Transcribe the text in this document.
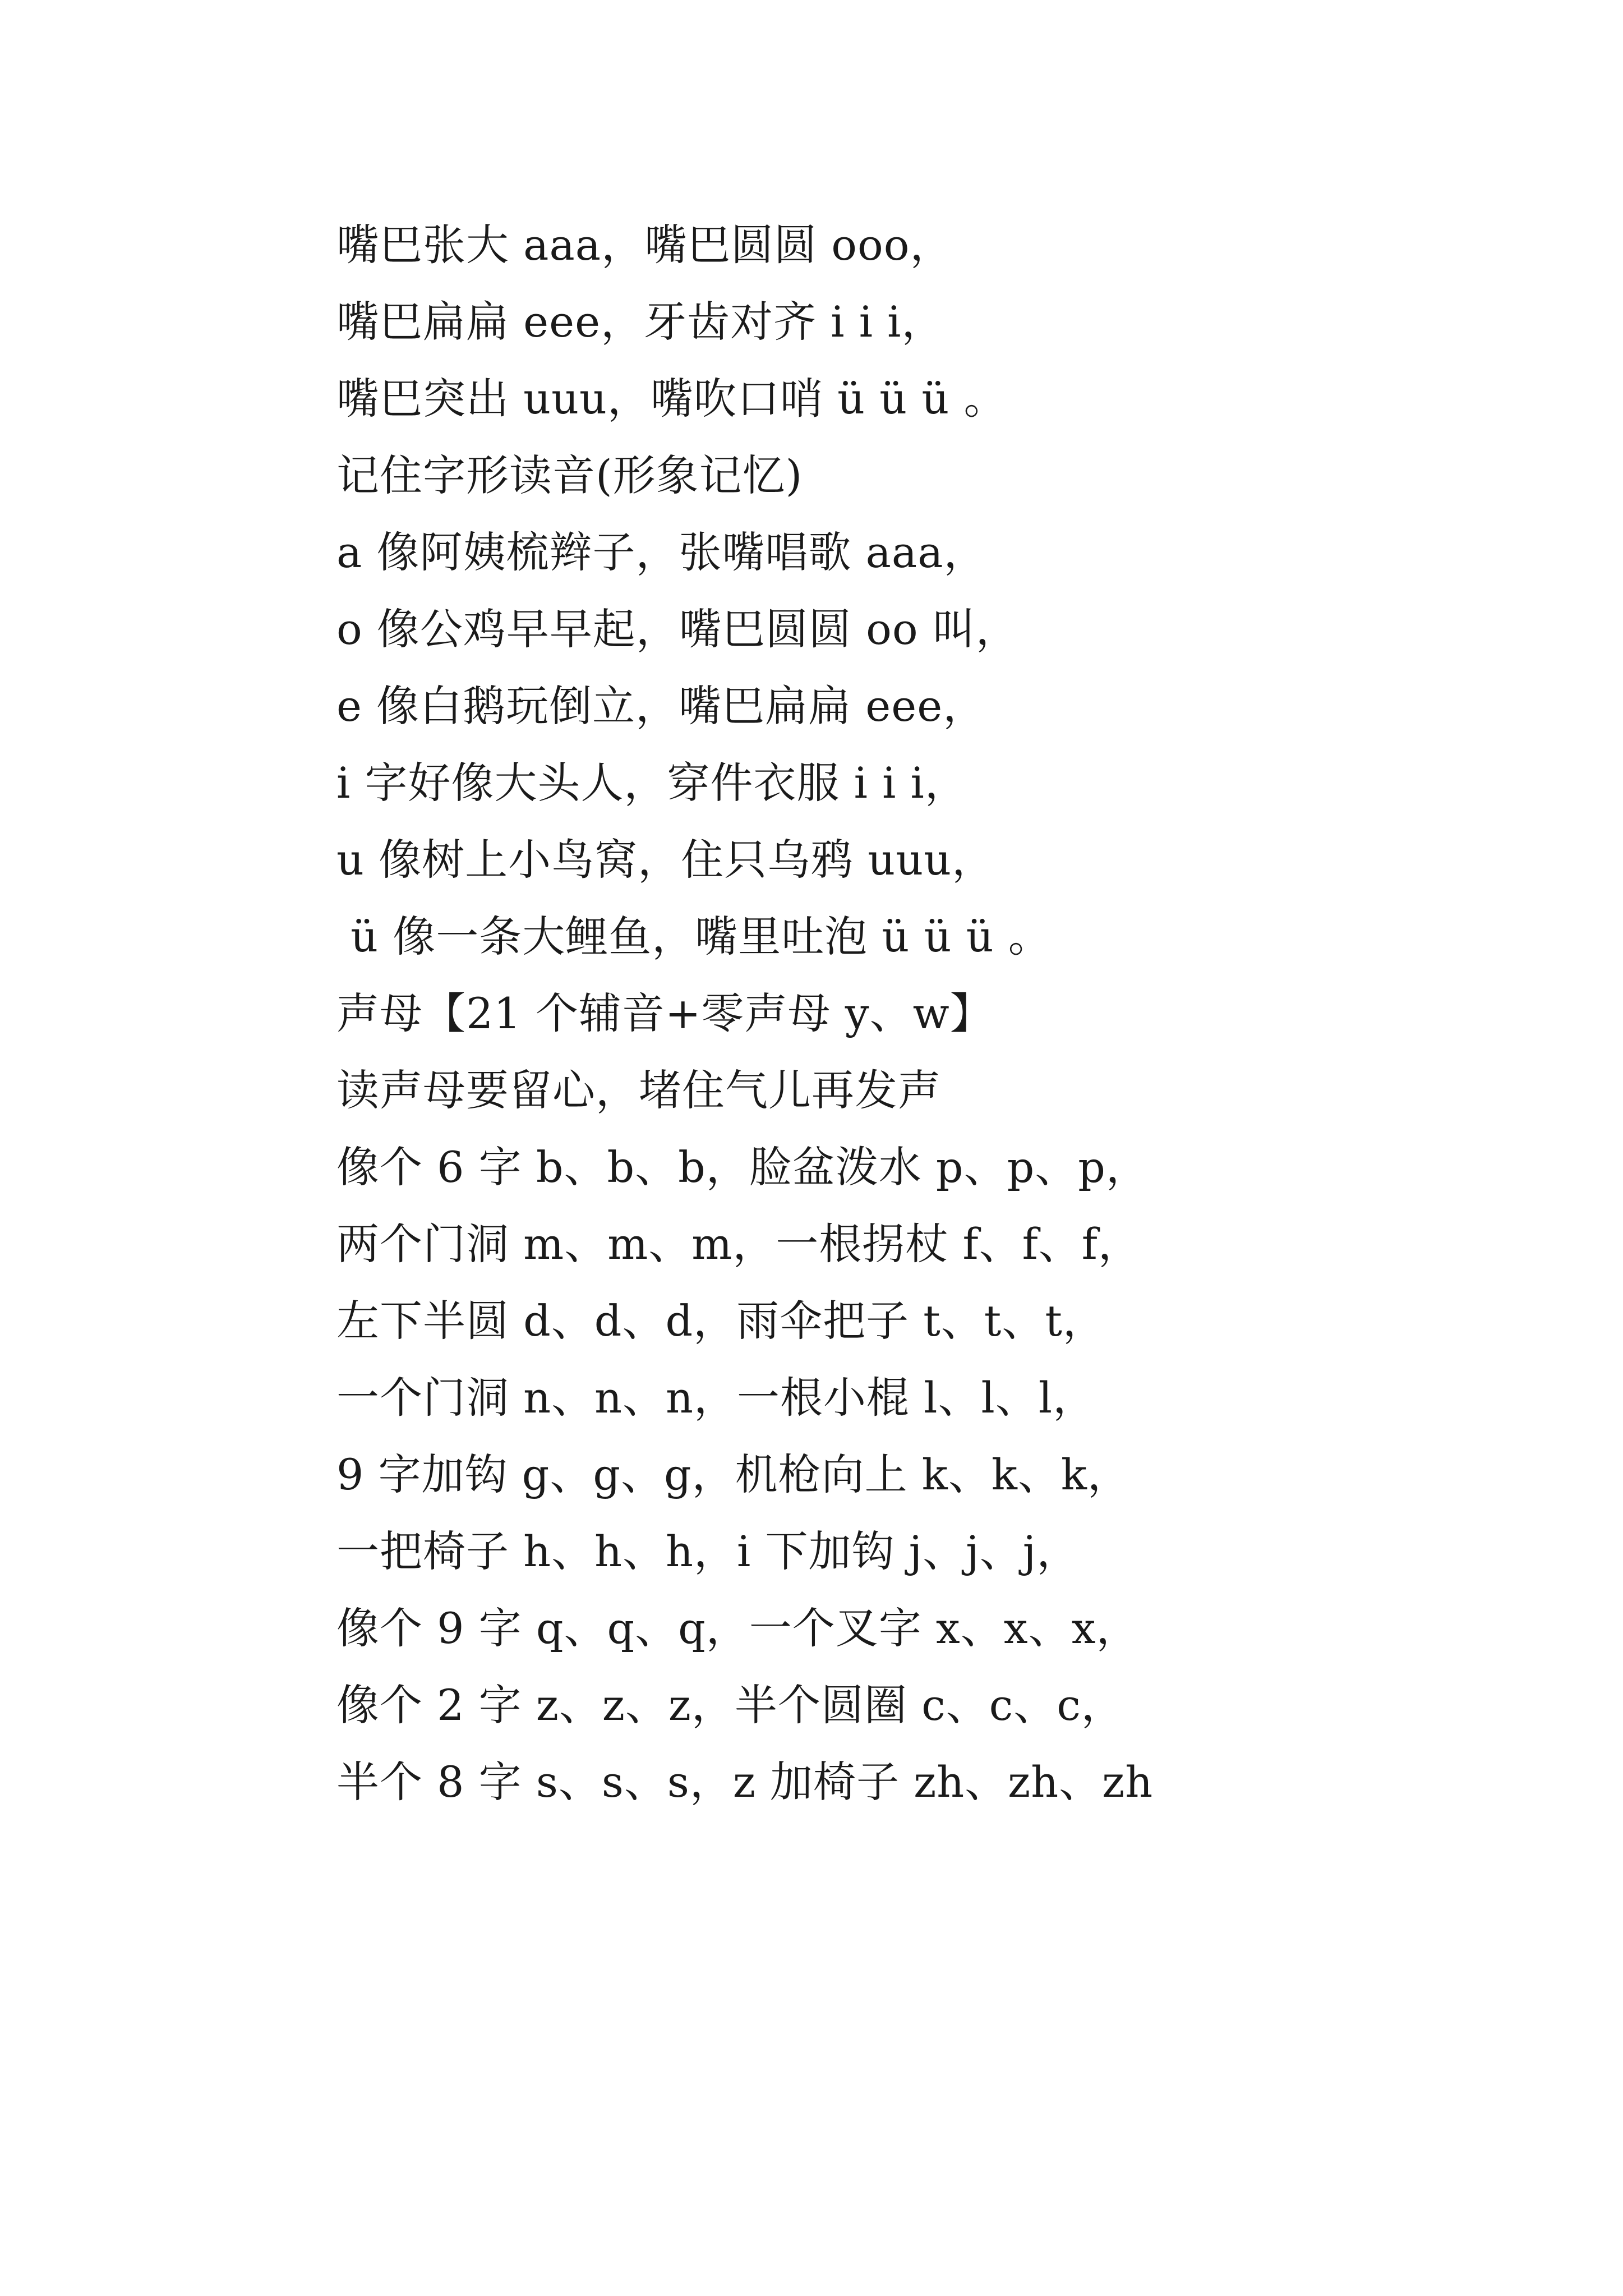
嘴巴张大 aaa，嘴巴圆圆 ooo，
嘴巴扁扁 eee，牙齿对齐 i i i，
嘴巴突出 uuu，嘴吹口哨 ü ü ü 。
记住字形读音(形象记忆)
a 像阿姨梳辫子，张嘴唱歌 aaa，
o 像公鸡早早起，嘴巴圆圆 oo 叫，
e 像白鹅玩倒立，嘴巴扁扁 eee，
i 字好像大头人，穿件衣服 i i i，
u 像树上小鸟窝，住只乌鸦 uuu，
ü 像一条大鲤鱼，嘴里吐泡 ü ü ü 。
声母【21 个辅音+零声母 y、w】
读声母要留心，堵住气儿再发声
像个 6 字 b、b、b，脸盆泼水 p、p、p，
两个门洞 m、m、m，一根拐杖 f、f、f，
左下半圆 d、d、d，雨伞把子 t、t、t，
一个门洞 n、n、n，一根小棍 l、l、l，
9 字加钩 g、g、g，机枪向上 k、k、k，
一把椅子 h、h、h，i 下加钩 j、j、j，
像个 9 字 q、q、q，一个叉字 x、x、x，
像个 2 字 z、z、z，半个圆圈 c、c、c，
半个 8 字 s、s、s，z 加椅子 zh、zh、zh
